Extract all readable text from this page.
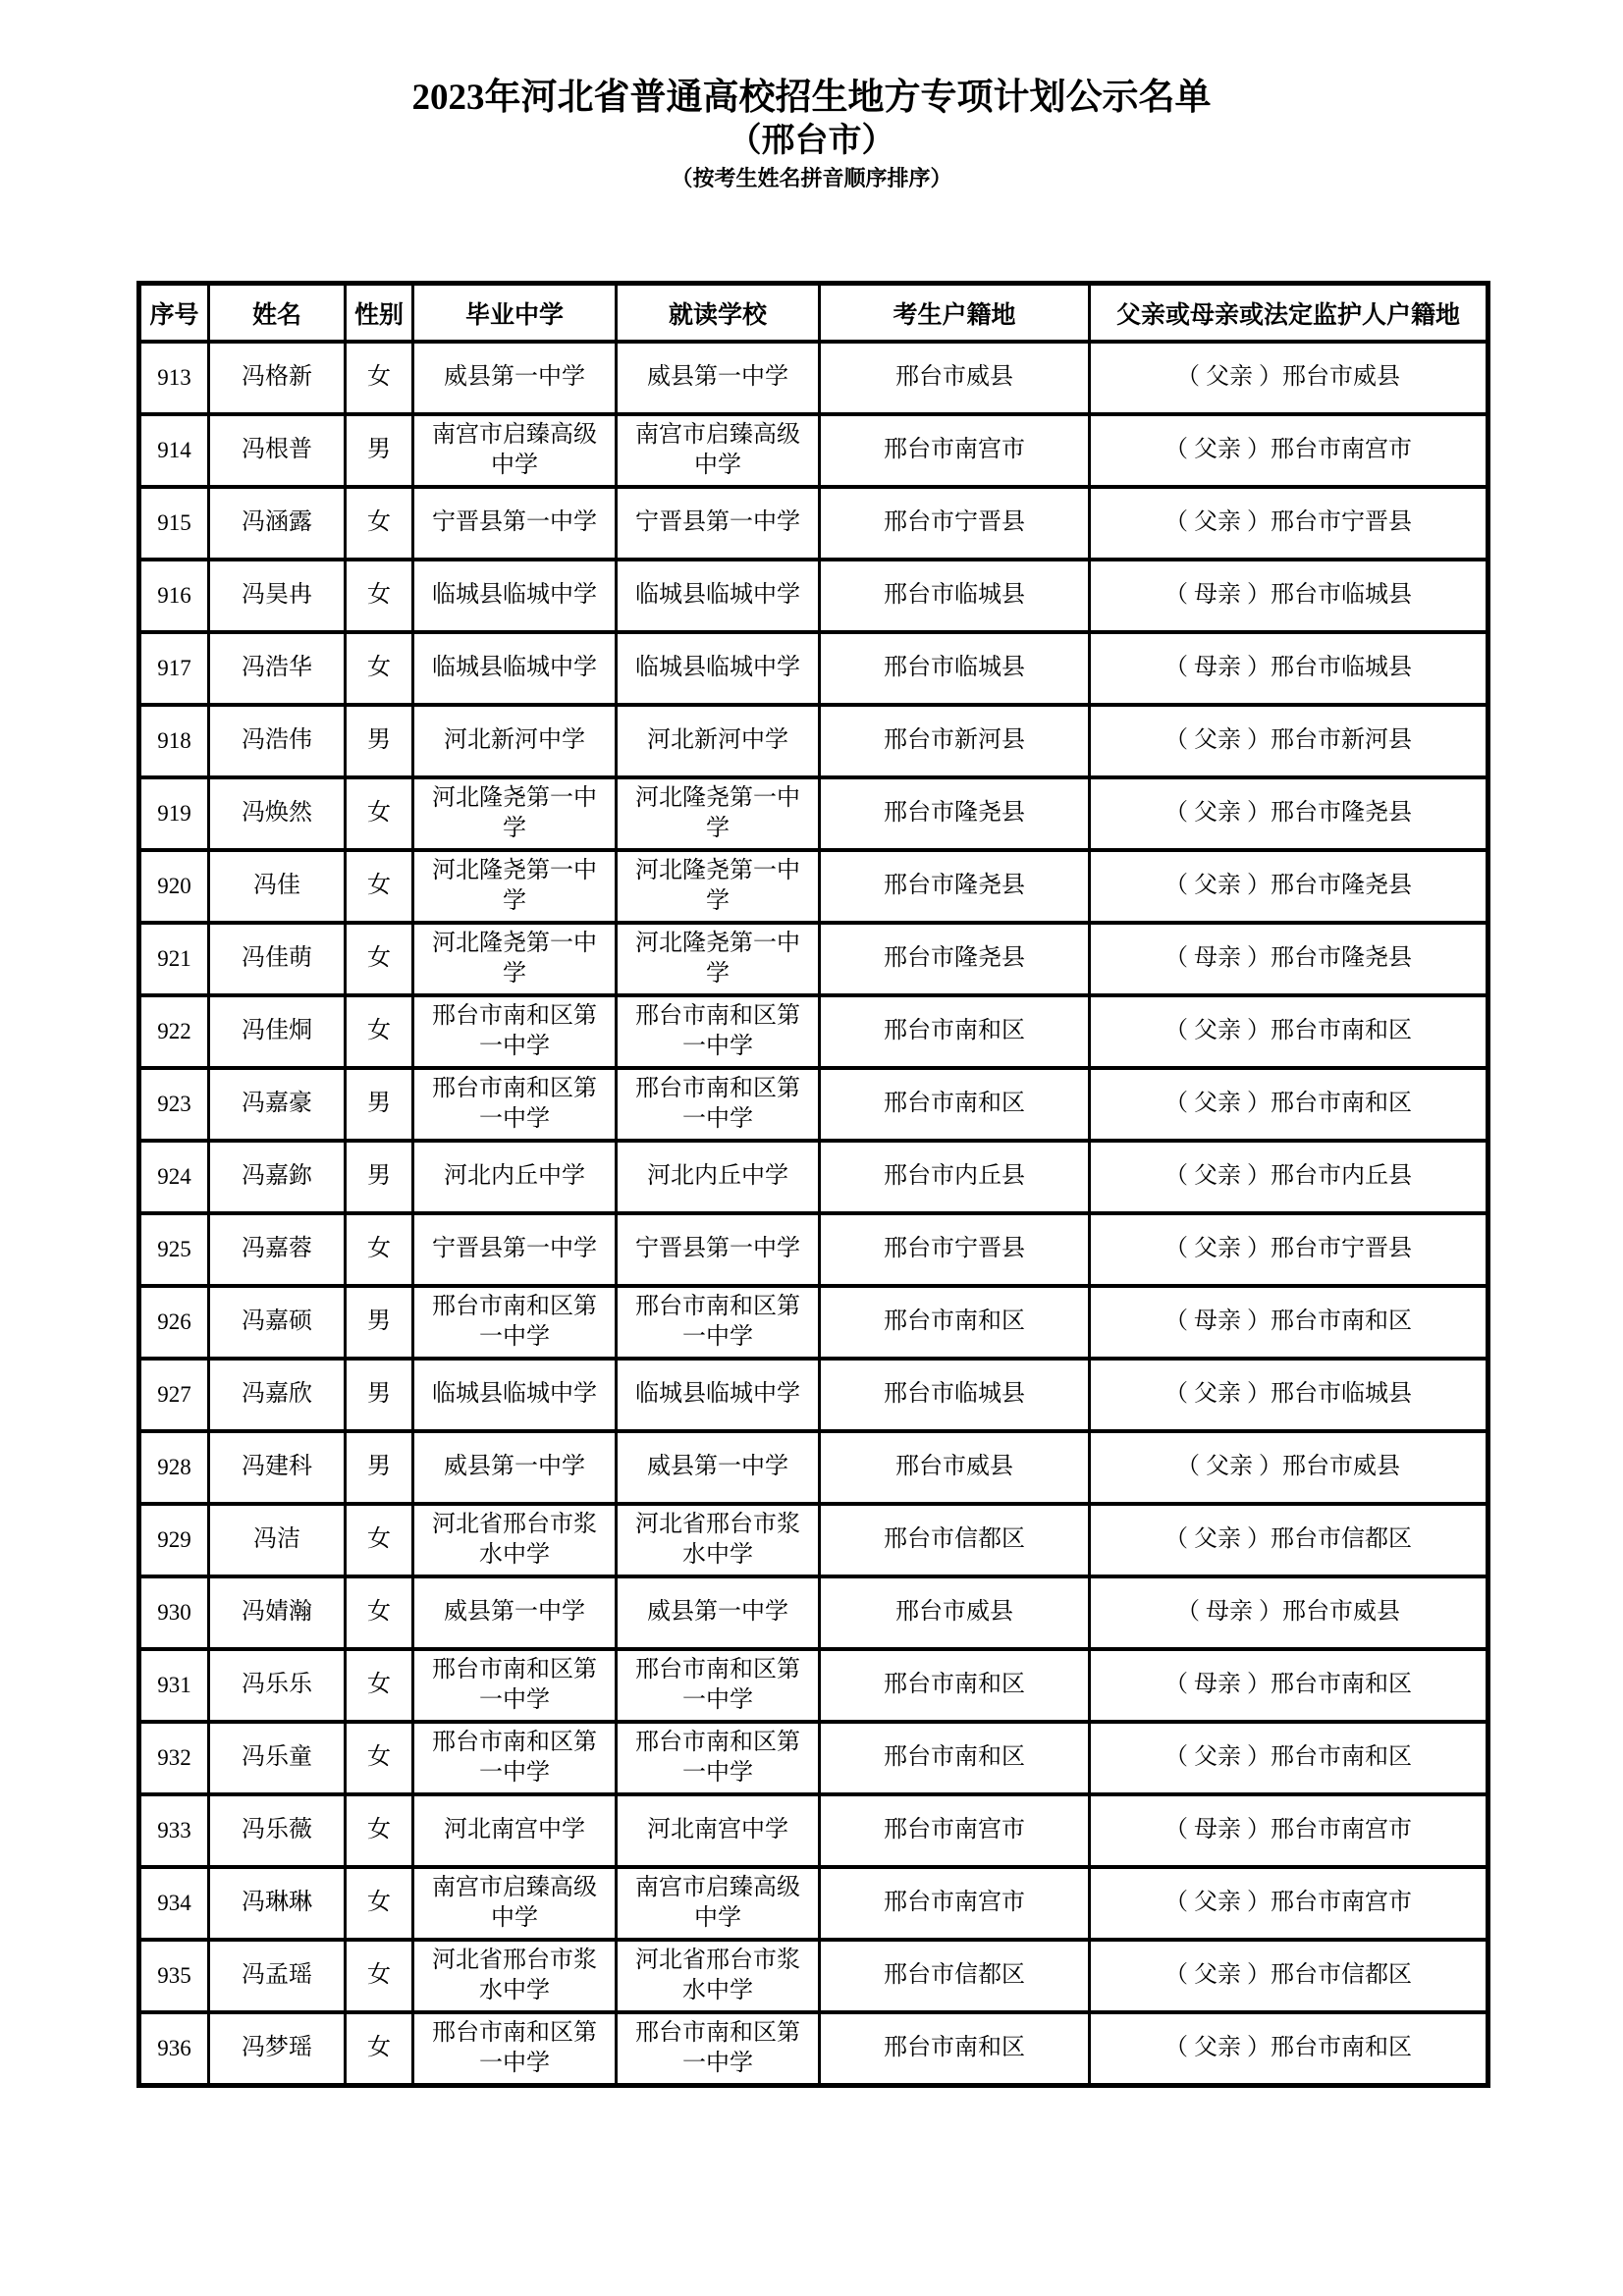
2023年河北省普通高校招生地方专项计划公示名单
（邢台市）
（按考生姓名拼音顺序排序）
序号	姓名	性别	毕业中学	就读学校	考生户籍地	父亲或母亲或法定监护人户籍地
913	冯格新	女	威县第一中学	威县第一中学	邢台市威县	（ 父亲 ）邢台市威县
914	冯根普	男	南宫市启臻高级中学	南宫市启臻高级中学	邢台市南宫市	（ 父亲 ）邢台市南宫市
915	冯涵露	女	宁晋县第一中学	宁晋县第一中学	邢台市宁晋县	（ 父亲 ）邢台市宁晋县
916	冯昊冉	女	临城县临城中学	临城县临城中学	邢台市临城县	（ 母亲 ）邢台市临城县
917	冯浩华	女	临城县临城中学	临城县临城中学	邢台市临城县	（ 母亲 ）邢台市临城县
918	冯浩伟	男	河北新河中学	河北新河中学	邢台市新河县	（ 父亲 ）邢台市新河县
919	冯焕然	女	河北隆尧第一中学	河北隆尧第一中学	邢台市隆尧县	（ 父亲 ）邢台市隆尧县
920	冯佳	女	河北隆尧第一中学	河北隆尧第一中学	邢台市隆尧县	（ 父亲 ）邢台市隆尧县
921	冯佳萌	女	河北隆尧第一中学	河北隆尧第一中学	邢台市隆尧县	（ 母亲 ）邢台市隆尧县
922	冯佳烔	女	邢台市南和区第一中学	邢台市南和区第一中学	邢台市南和区	（ 父亲 ）邢台市南和区
923	冯嘉豪	男	邢台市南和区第一中学	邢台市南和区第一中学	邢台市南和区	（ 父亲 ）邢台市南和区
924	冯嘉鉨	男	河北内丘中学	河北内丘中学	邢台市内丘县	（ 父亲 ）邢台市内丘县
925	冯嘉蓉	女	宁晋县第一中学	宁晋县第一中学	邢台市宁晋县	（ 父亲 ）邢台市宁晋县
926	冯嘉硕	男	邢台市南和区第一中学	邢台市南和区第一中学	邢台市南和区	（ 母亲 ）邢台市南和区
927	冯嘉欣	男	临城县临城中学	临城县临城中学	邢台市临城县	（ 父亲 ）邢台市临城县
928	冯建科	男	威县第一中学	威县第一中学	邢台市威县	（ 父亲 ）邢台市威县
929	冯洁	女	河北省邢台市浆水中学	河北省邢台市浆水中学	邢台市信都区	（ 父亲 ）邢台市信都区
930	冯婧瀚	女	威县第一中学	威县第一中学	邢台市威县	（ 母亲 ）邢台市威县
931	冯乐乐	女	邢台市南和区第一中学	邢台市南和区第一中学	邢台市南和区	（ 母亲 ）邢台市南和区
932	冯乐童	女	邢台市南和区第一中学	邢台市南和区第一中学	邢台市南和区	（ 父亲 ）邢台市南和区
933	冯乐薇	女	河北南宫中学	河北南宫中学	邢台市南宫市	（ 母亲 ）邢台市南宫市
934	冯琳琳	女	南宫市启臻高级中学	南宫市启臻高级中学	邢台市南宫市	（ 父亲 ）邢台市南宫市
935	冯孟瑶	女	河北省邢台市浆水中学	河北省邢台市浆水中学	邢台市信都区	（ 父亲 ）邢台市信都区
936	冯梦瑶	女	邢台市南和区第一中学	邢台市南和区第一中学	邢台市南和区	（ 父亲 ）邢台市南和区
